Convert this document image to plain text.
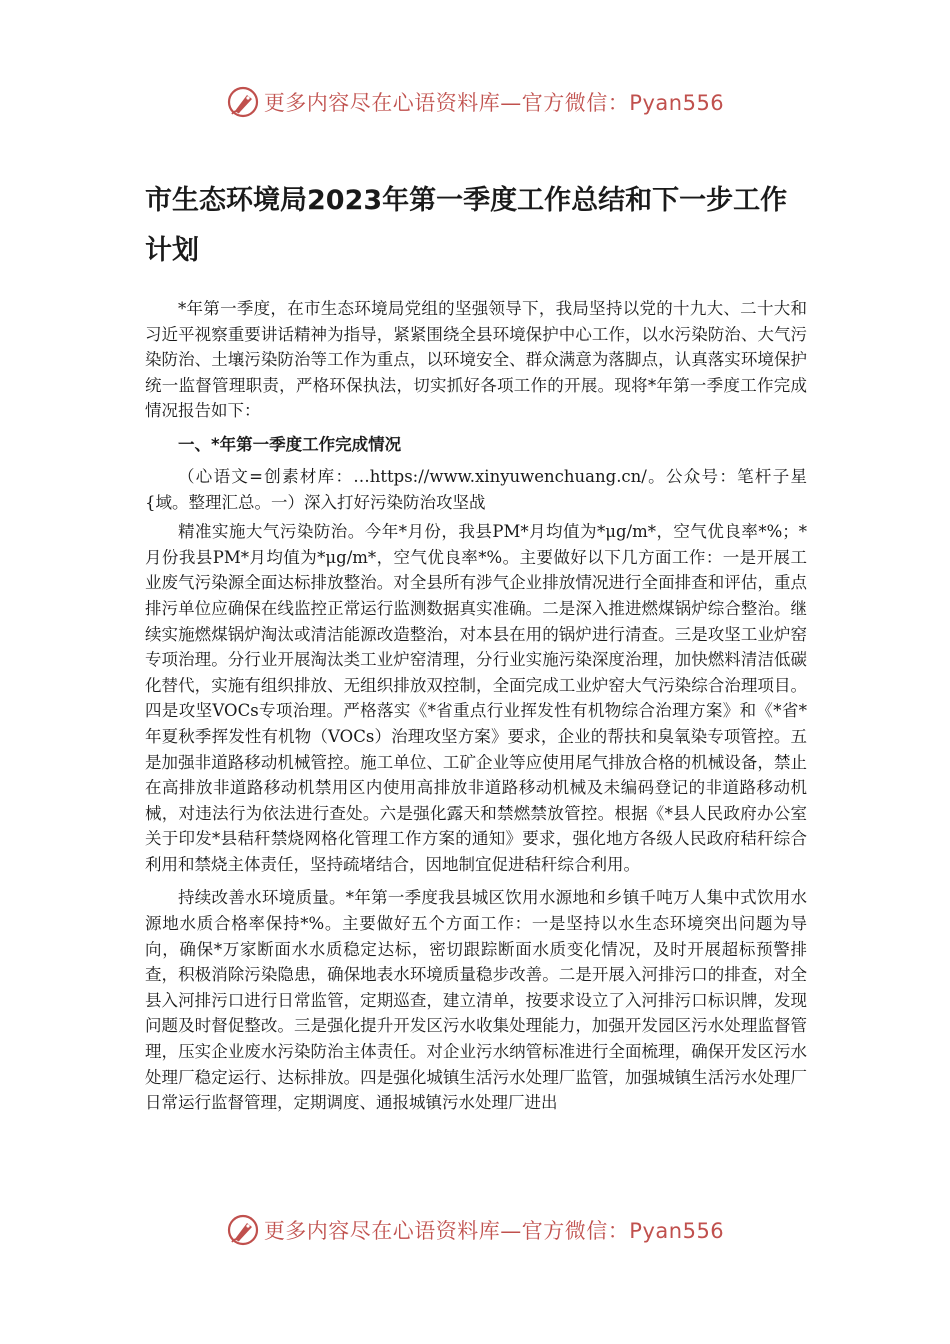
更多内容尽在心语资料库—官方微信：Pyan556
市生态环境局2023年第一季度工作总结和下一步工作计划

*年第一季度，在市生态环境局党组的坚强领导下，我局坚持以党的十九大、二十大和习近平视察重要讲话精神为指导，紧紧围绕全县环境保护中心工作，以水污染防治、大气污染防治、土壤污染防治等工作为重点，以环境安全、群众满意为落脚点，认真落实环境保护统一监督管理职责，严格环保执法，切实抓好各项工作的开展。现将*年第一季度工作完成情况报告如下：

一、*年第一季度工作完成情况

（心语文=创素材库：…https://www.xinyuwenchuang.cn/。公众号：笔杆子星{域。整理汇总。一）深入打好污染防治攻坚战

精准实施大气污染防治。今年*月份，我县PM*月均值为*μg/m*，空气优良率*%；*月份我县PM*月均值为*μg/m*，空气优良率*%。主要做好以下几方面工作：一是开展工业废气污染源全面达标排放整治。对全县所有涉气企业排放情况进行全面排查和评估，重点排污单位应确保在线监控正常运行监测数据真实准确。二是深入推进燃煤锅炉综合整治。继续实施燃煤锅炉淘汰或清洁能源改造整治，对本县在用的锅炉进行清查。三是攻坚工业炉窑专项治理。分行业开展淘汰类工业炉窑清理，分行业实施污染深度治理，加快燃料清洁低碳化替代，实施有组织排放、无组织排放双控制，全面完成工业炉窑大气污染综合治理项目。四是攻坚VOCs专项治理。严格落实《*省重点行业挥发性有机物综合治理方案》和《*省*年夏秋季挥发性有机物（VOCs）治理攻坚方案》要求，企业的帮扶和臭氧染专项管控。五是加强非道路移动机械管控。施工单位、工矿企业等应使用尾气排放合格的机械设备，禁止在高排放非道路移动机禁用区内使用高排放非道路移动机械及未编码登记的非道路移动机械，对违法行为依法进行查处。六是强化露天和禁燃禁放管控。根据《*县人民政府办公室关于印发*县秸秆禁烧网格化管理工作方案的通知》要求，强化地方各级人民政府秸秆综合利用和禁烧主体责任，坚持疏堵结合，因地制宜促进秸秆综合利用。

持续改善水环境质量。*年第一季度我县城区饮用水源地和乡镇千吨万人集中式饮用水源地水质合格率保持*%。主要做好五个方面工作：一是坚持以水生态环境突出问题为导向，确保*万家断面水水质稳定达标，密切跟踪断面水质变化情况，及时开展超标预警排查，积极消除污染隐患，确保地表水环境质量稳步改善。二是开展入河排污口的排查，对全县入河排污口进行日常监管，定期巡查，建立清单，按要求设立了入河排污口标识牌，发现问题及时督促整改。三是强化提升开发区污水收集处理能力，加强开发园区污水处理监督管理，压实企业废水污染防治主体责任。对企业污水纳管标准进行全面梳理，确保开发区污水处理厂稳定运行、达标排放。四是强化城镇生活污水处理厂监管，加强城镇生活污水处理厂日常运行监督管理，定期调度、通报城镇污水处理厂进出

更多内容尽在心语资料库—官方微信：Pyan556
